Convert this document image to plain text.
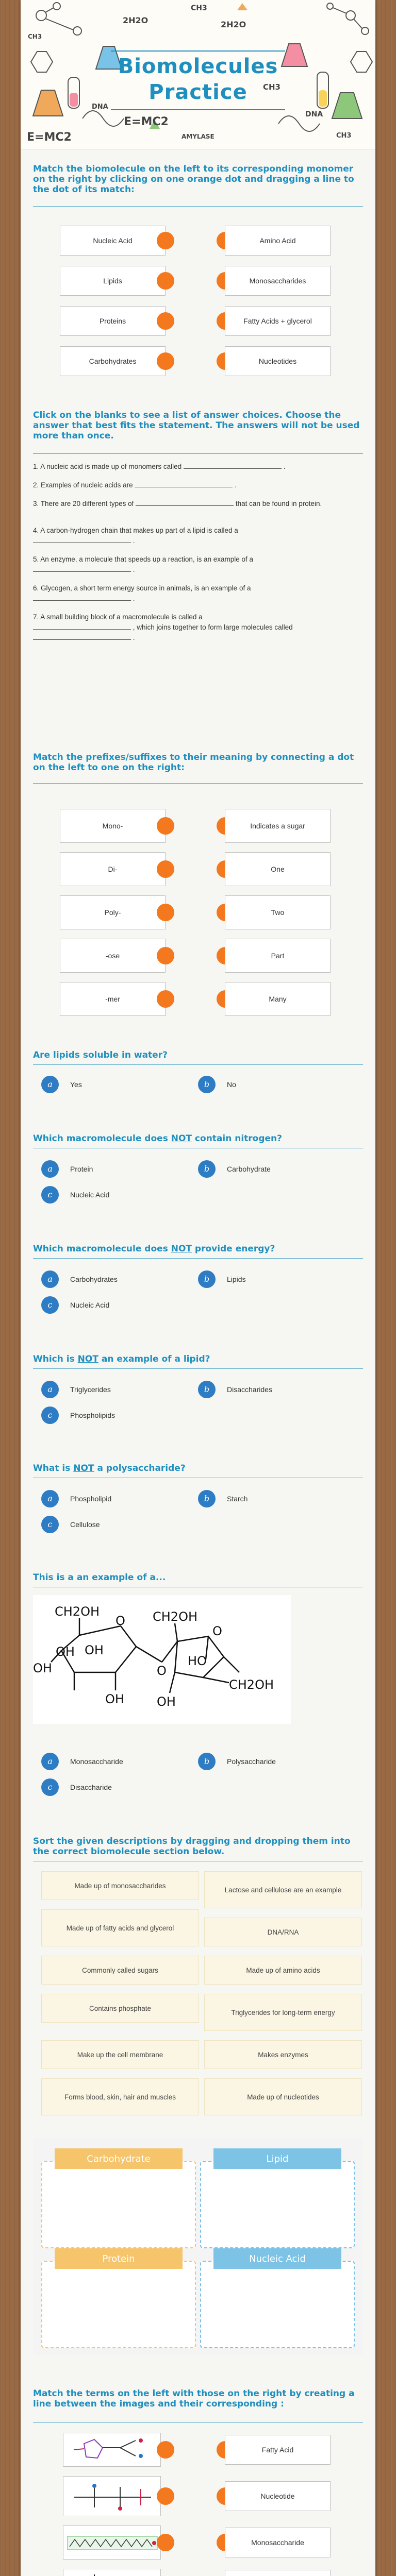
CH3
2H2O
CH3
2H2O
DNA
CH3
E=MC2
E=MC2
DNA
AMYLASE	CH3
Biomolecules Practice
Match the biomolecule on the left to its corresponding monomer on the right by clicking on one orange dot and dragging a line to the dot of its match:
Nucleic Acid	Amino Acid
Lipids	Monosaccharides
Proteins	Fatty Acids + glycerol
Carbohydrates	Nucleotides
Click on the blanks to see a list of answer choices. Choose the answer that best fits the statement. The answers will not be used more than once.
1. A nucleic acid is made up of monomers called	.
2. Examples of nucleic acids are	.
3. There are 20 different types of	that can be found in protein.
4. A carbon-hydrogen chain that makes up part of a lipid is called a
.
5. An enzyme, a molecule that speeds up a reaction, is an example of a
.
6. Glycogen, a short term energy source in animals, is an example of a
.
7. A small building block of a macromolecule is called a
, which joins together to form large molecules called
.
Match the prefixes/suffixes to their meaning by connecting a dot on the left to one on the right:
Mono-	Indicates a sugar
Di-	One
Poly-	Two
-ose	Part
-mer	Many
Are lipids soluble in water?
a	Yes	b	No
Which macromolecule does NOT contain nitrogen?
a	Protein	b	Carbohydrate
c	Nucleic Acid
Which macromolecule does NOT provide energy?
a	Carbohydrates	b	Lipids
c	Nucleic Acid
Which is NOT an example of a lipid?
a	Triglycerides	b	Disaccharides
c	Phospholipids
What is NOT a polysaccharide?
a	Phospholipid	b	Starch
c	Cellulose
This is a an example of a...
CH2OH
O
OH OH
OH
OH
O
CH2OH
O
HO
OH
CH2OH
a	Monosaccharide	b	Polysaccharide
c	Disaccharide
Sort the given descriptions by dragging and dropping them into the correct biomolecule section below.
Made up of monosaccharides
Lactose and cellulose are an example
Made up of fatty acids and glycerol
DNA/RNA
Commonly called sugars	Made up of amino acids
Contains phosphate
Triglycerides for long-term energy
Make up the cell membrane	Makes enzymes
Forms blood, skin, hair and muscles	Made up of nucleotides
Carbohydrate	Lipid
Protein	Nucleic Acid
Match the terms on the left with those on the right by creating a line between the images and their corresponding :
Fatty Acid
Nucleotide
Monosaccharide
